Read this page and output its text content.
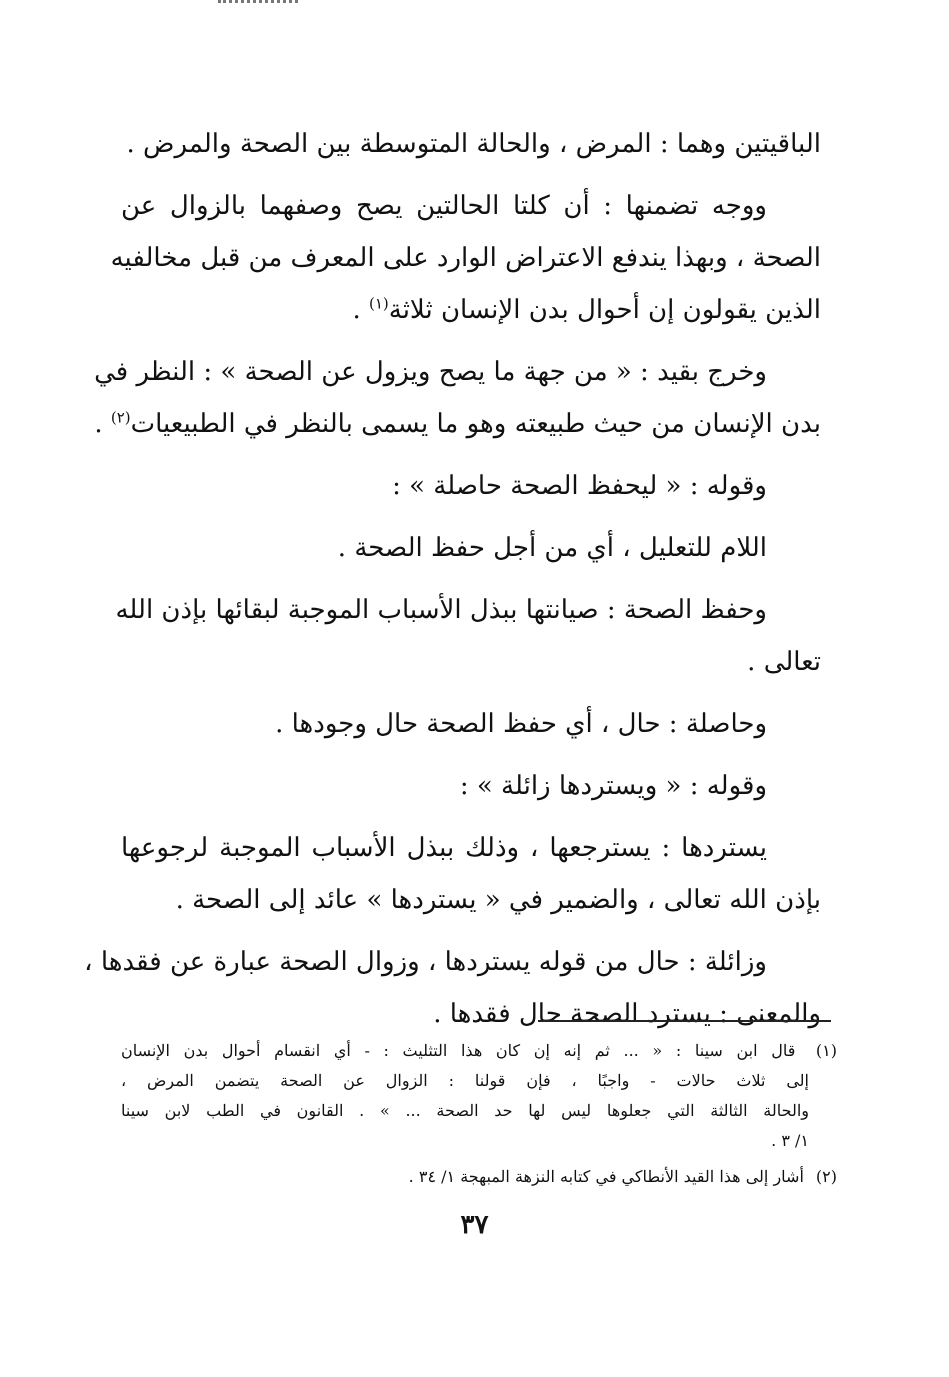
الباقيتين وهما : المرض ، والحالة المتوسطة بين الصحة والمرض .

ووجه تضمنها : أن كلتا الحالتين يصح وصفهما بالزوال عن
الصحة ، وبهذا يندفع الاعتراض الوارد على المعرف من قبل مخالفيه
الذين يقولون إن أحوال بدن الإنسان ثلاثة$^{(١)}$ .

وخرج بقيد : « من جهة ما يصح ويزول عن الصحة » : النظر في
بدن الإنسان من حيث طبيعته وهو ما يسمى بالنظر في الطبيعيات$^{(٢)}$ .

وقوله : « ليحفظ الصحة حاصلة » :

اللام للتعليل ، أي من أجل حفظ الصحة .

وحفظ الصحة : صيانتها ببذل الأسباب الموجبة لبقائها بإذن الله
تعالى .

وحاصلة : حال ، أي حفظ الصحة حال وجودها .

وقوله : « ويستردها زائلة » :

يستردها : يسترجعها ، وذلك ببذل الأسباب الموجبة لرجوعها
بإذن الله تعالى ، والضمير في « يستردها » عائد إلى الصحة .

وزائلة : حال من قوله يستردها ، وزوال الصحة عبارة عن فقدها ،
والمعنى : يسترد الصحة حال فقدها .

(١) قال ابن سينا : « ... ثم إنه إن كان هذا التثليث : - أي انقسام أحوال بدن الإنسان
إلى ثلاث حالات - واجبًا ، فإن قولنا : الزوال عن الصحة يتضمن المرض ،
والحالة الثالثة التي جعلوها ليس لها حد الصحة ... » . القانون في الطب لابن سينا
١/ ٣ .
(٢) أشار إلى هذا القيد الأنطاكي في كتابه النزهة المبهجة ١/ ٣٤ .
٣٧
